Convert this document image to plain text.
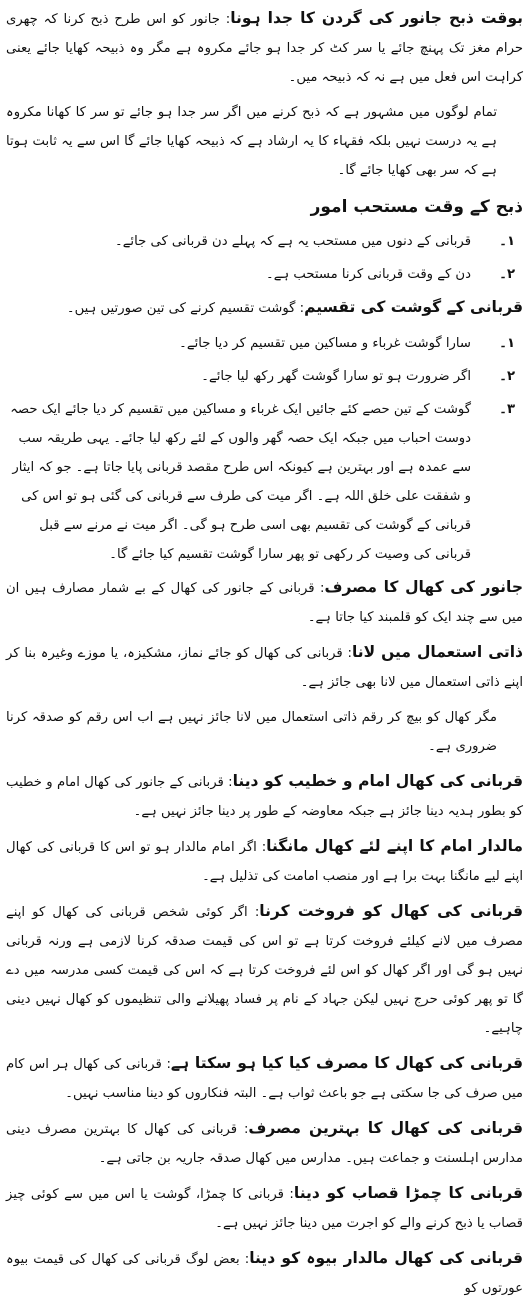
بوقت ذبح جانور کی گردن کا جدا ہونا: جانور کو اس طرح ذبح کرنا کہ چھری حرام مغز تک پہنچ جائے یا سر کٹ کر جدا ہو جائے مکروہ ہے مگر وہ ذبیحہ کھایا جائے یعنی کراہت اس فعل میں ہے نہ کہ ذبیحہ میں۔

تمام لوگوں میں مشہور ہے کہ ذبح کرنے میں اگر سر جدا ہو جائے تو سر کا کھانا مکروہ ہے یہ درست نہیں بلکہ فقہاء کا یہ ارشاد ہے کہ ذبیحہ کھایا جائے گا اس سے یہ ثابت ہوتا ہے کہ سر بھی کھایا جائے گا۔

ذبح کے وقت مستحب امور
۱۔
قربانی کے دنوں میں مستحب یہ ہے کہ پہلے دن قربانی کی جائے۔
۲۔
دن کے وقت قربانی کرنا مستحب ہے۔

قربانی کے گوشت کی تقسیم: گوشت تقسیم کرنے کی تین صورتیں ہیں۔

۱۔
سارا گوشت غرباء و مساکین میں تقسیم کر دیا جائے۔
۲۔
اگر ضرورت ہو تو سارا گوشت گھر رکھ لیا جائے۔
۳۔
گوشت کے تین حصے کئے جائیں ایک غرباء و مساکین میں تقسیم کر دیا جائے ایک حصہ دوست احباب میں جبکہ ایک حصہ گھر والوں کے لئے رکھ لیا جائے۔ یہی طریقہ سب سے عمدہ ہے اور بہترین ہے کیونکہ اس طرح مقصد قربانی پایا جاتا ہے۔ جو کہ ایثار و شفقت علی خلق اللہ ہے۔ اگر میت کی طرف سے قربانی کی گئی ہو تو اس کی قربانی کے گوشت کی تقسیم بھی اسی طرح ہو گی۔ اگر میت نے مرنے سے قبل قربانی کی وصیت کر رکھی تو پھر سارا گوشت تقسیم کیا جائے گا۔

جانور کی کھال کا مصرف: قربانی کے جانور کی کھال کے بے شمار مصارف ہیں ان میں سے چند ایک کو قلمبند کیا جاتا ہے۔

ذاتی استعمال میں لانا: قربانی کی کھال کو جائے نماز، مشکیزہ، یا موزے وغیرہ بنا کر اپنے ذاتی استعمال میں لانا بھی جائز ہے۔

مگر کھال کو بیچ کر رقم ذاتی استعمال میں لانا جائز نہیں ہے اب اس رقم کو صدقہ کرنا ضروری ہے۔

قربانی کی کھال امام و خطیب کو دینا: قربانی کے جانور کی کھال امام و خطیب کو بطور ہدیہ دینا جائز ہے جبکہ معاوضہ کے طور پر دینا جائز نہیں ہے۔

مالدار امام کا اپنے لئے کھال مانگنا: اگر امام مالدار ہو تو اس کا قربانی کی کھال اپنے لیے مانگنا بہت برا ہے اور منصب امامت کی تذلیل ہے۔

قربانی کی کھال کو فروخت کرنا: اگر کوئی شخص قربانی کی کھال کو اپنے مصرف میں لانے کیلئے فروخت کرتا ہے تو اس کی قیمت صدقہ کرنا لازمی ہے ورنہ قربانی نہیں ہو گی اور اگر کھال کو اس لئے فروخت کرتا ہے کہ اس کی قیمت کسی مدرسہ میں دے گا تو پھر کوئی حرج نہیں لیکن جہاد کے نام پر فساد پھیلانے والی تنظیموں کو کھال نہیں دینی چاہیے۔

قربانی کی کھال کا مصرف کیا کیا ہو سکتا ہے: قربانی کی کھال ہر اس کام میں صرف کی جا سکتی ہے جو باعث ثواب ہے۔ البتہ فنکاروں کو دینا مناسب نہیں۔

قربانی کی کھال کا بہترین مصرف: قربانی کی کھال کا بہترین مصرف دینی مدارس اہلسنت و جماعت ہیں۔ مدارس میں کھال صدقہ جاریہ بن جاتی ہے۔

قربانی کا چمڑا قصاب کو دینا: قربانی کا چمڑا، گوشت یا اس میں سے کوئی چیز قصاب یا ذبح کرنے والے کو اجرت میں دینا جائز نہیں ہے۔

قربانی کی کھال مالدار بیوہ کو دینا: بعض لوگ قربانی کی کھال کی قیمت بیوہ عورتوں کو
